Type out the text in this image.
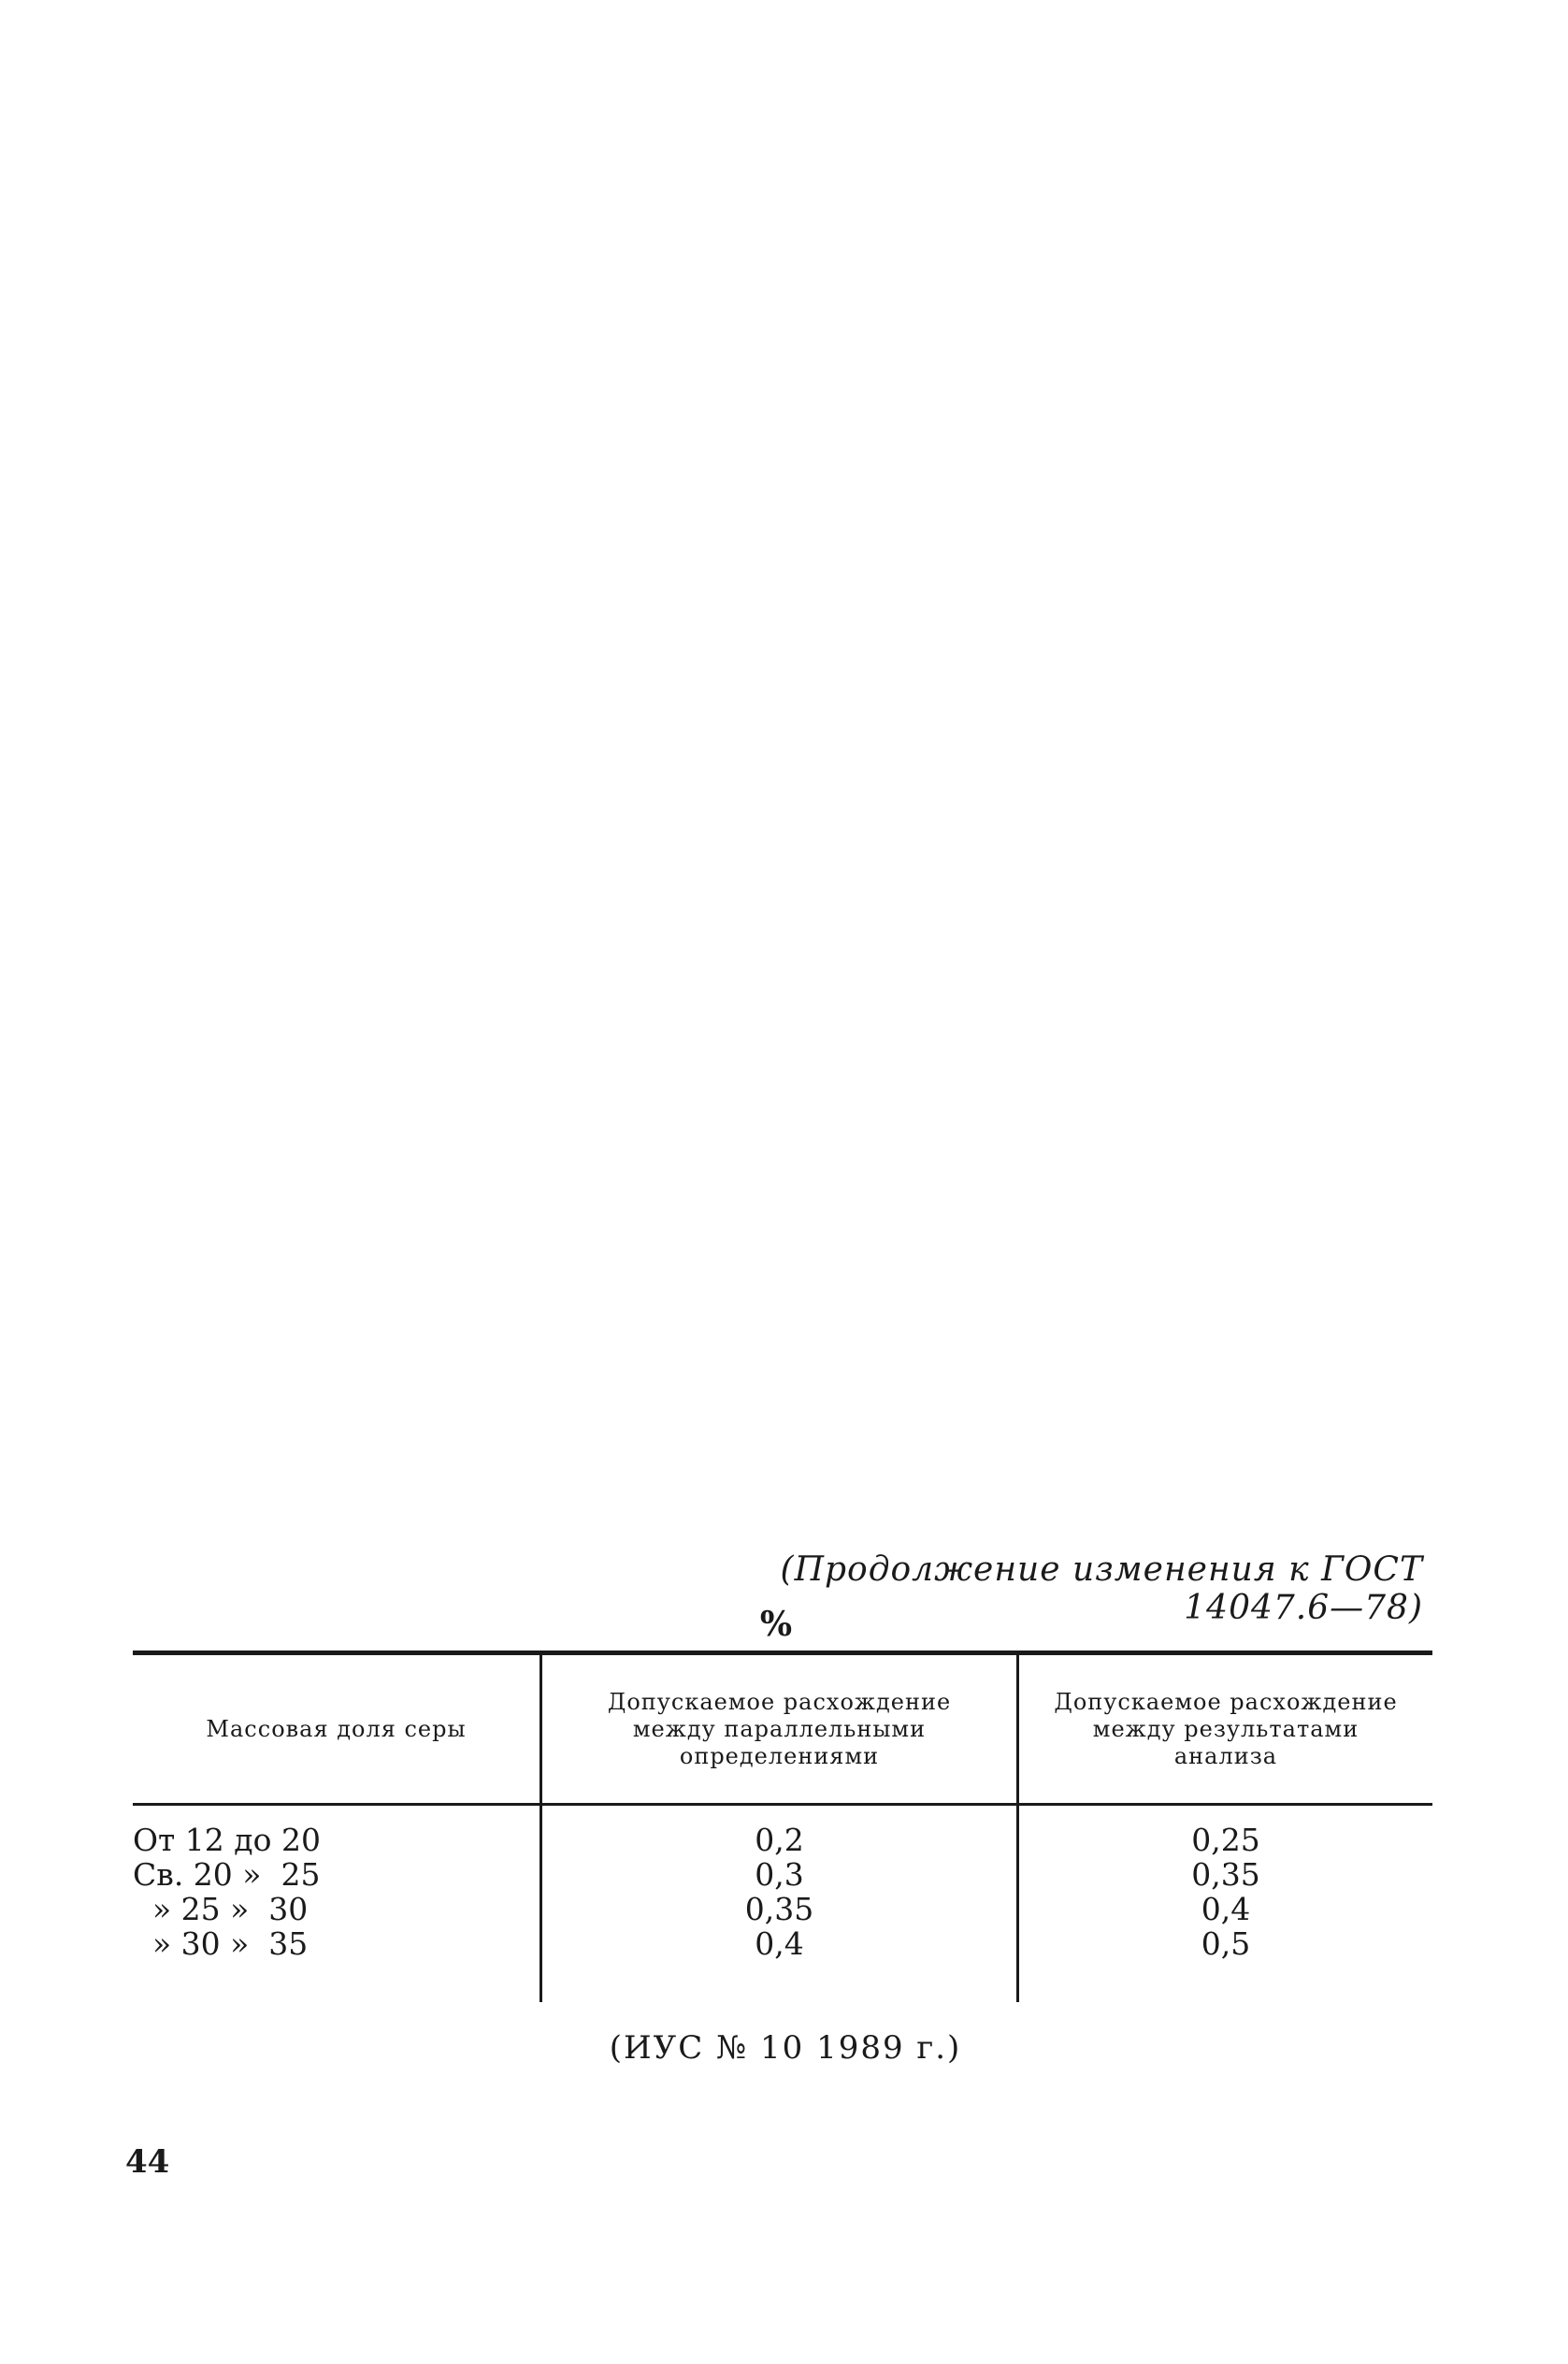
(Продолжение изменения к ГОСТ 14047.6—78)
%
Массовая доля серы
Допускаемое расхождение между параллельными определениями
Допускаемое расхождение между результатами анализа
От 12 до 20
Св. 20 »  25
» 25 »  30
» 30 »  35
0,2
0,3
0,35
0,4
0,25
0,35
0,4
0,5
(ИУС № 10 1989 г.)
44
